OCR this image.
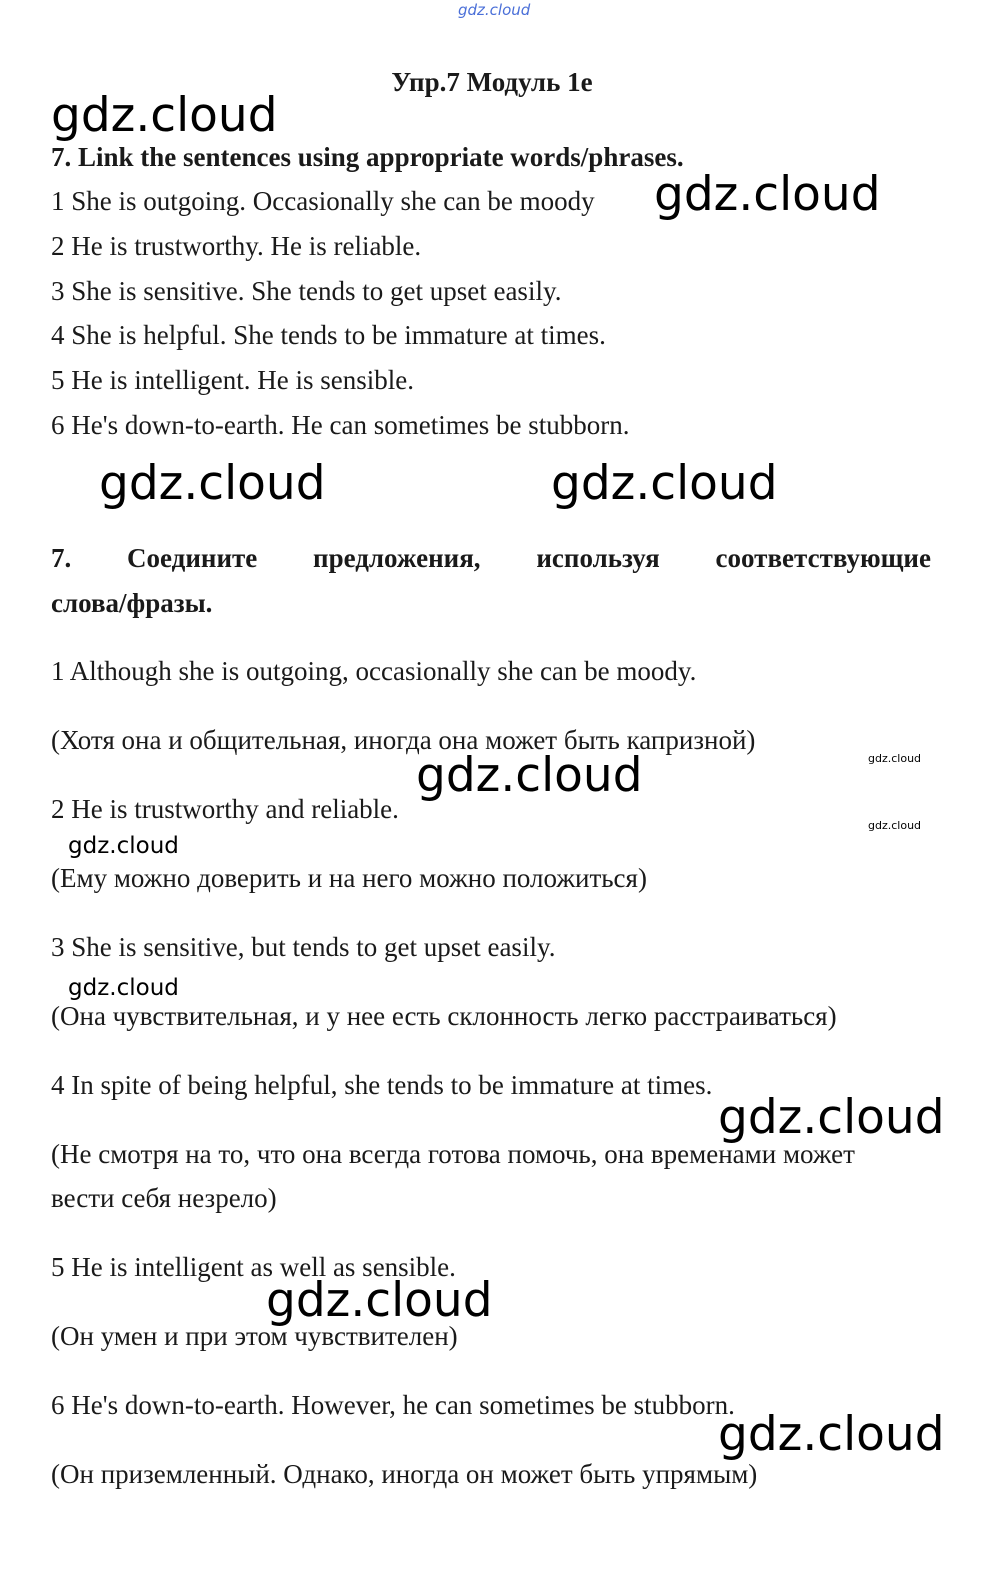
gdz.cloud
Упр.7 Модуль 1е
7. Link the sentences using appropriate words/phrases.
1 She is outgoing. Occasionally she can be moody
2 He is trustworthy. He is reliable.
3 She is sensitive. She tends to get upset easily.
4 She is helpful. She tends to be immature at times.
5 He is intelligent. He is sensible.
6 He's down-to-earth. He can sometimes be stubborn.
7. Соедините предложения, используя соответствующие
слова/фразы.
1 Although she is outgoing, occasionally she can be moody.
(Хотя она и общительная, иногда она может быть капризной)
2 He is trustworthy and reliable.
(Ему можно доверить и на него можно положиться)
3 She is sensitive, but tends to get upset easily.
(Она чувствительная, и у нее есть склонность легко расстраиваться)
4 In spite of being helpful, she tends to be immature at times.
(Не смотря на то, что она всегда готова помочь, она временами может
вести себя незрело)
5 He is intelligent as well as sensible.
(Он умен и при этом чувствителен)
6 He's down-to-earth. However, he can sometimes be stubborn.
(Он приземленный. Однако, иногда он может быть упрямым)
gdz.cloud
gdz.cloud
gdz.cloud	gdz.cloud
gdz.cloud	gdz.cloud
gdz.cloud
gdz.cloud
gdz.cloud
gdz.cloud
gdz.cloud
gdz.cloud
